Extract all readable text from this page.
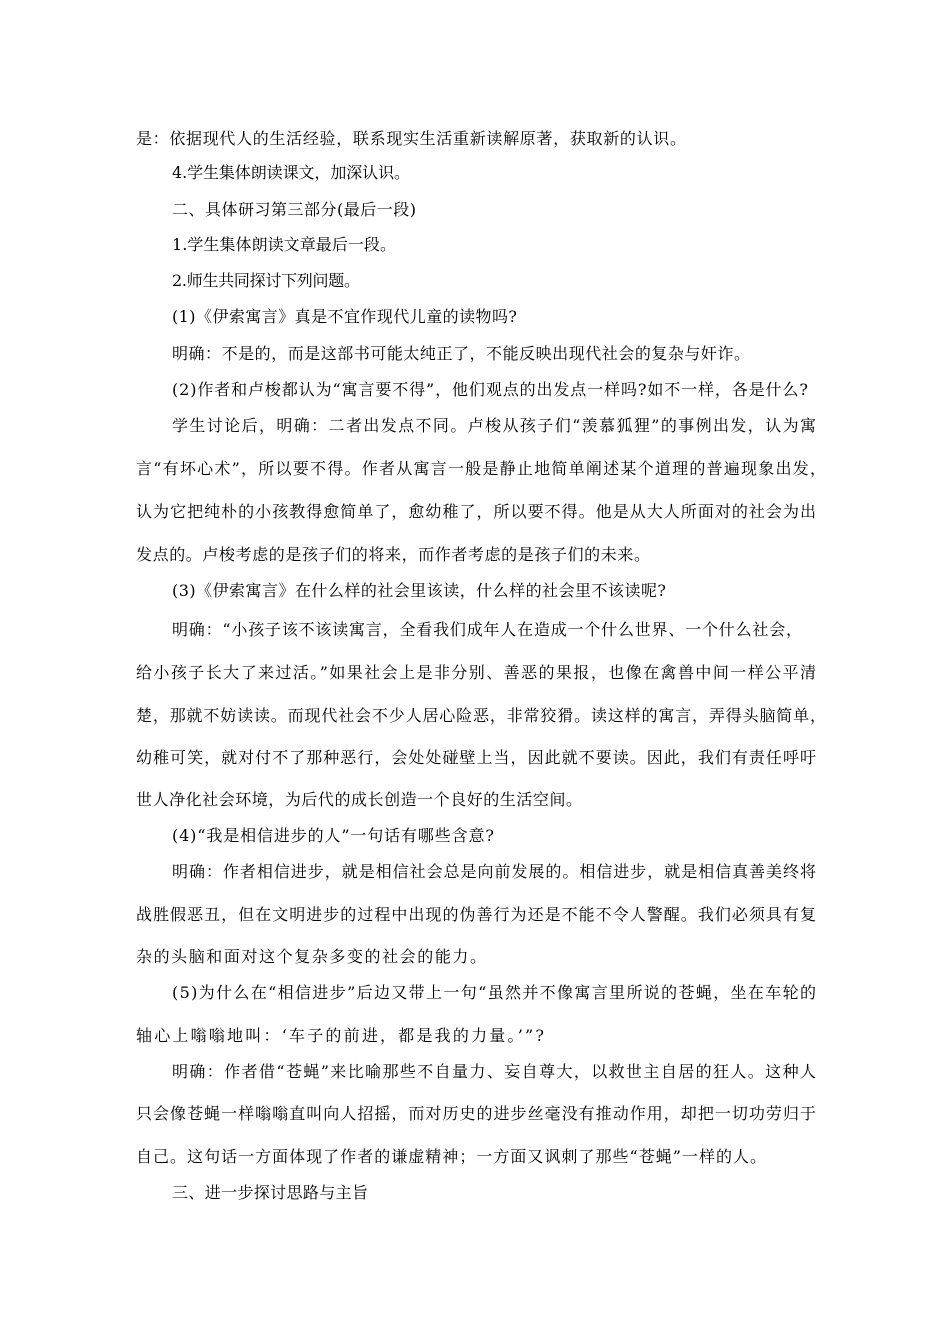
是：依据现代人的生活经验，联系现实生活重新读解原著，获取新的认识。
4.学生集体朗读课文，加深认识。
二、具体研习第三部分(最后一段)
1.学生集体朗读文章最后一段。
2.师生共同探讨下列问题。
(1)《伊索寓言》真是不宜作现代儿童的读物吗?
明确：不是的，而是这部书可能太纯正了，不能反映出现代社会的复杂与奸诈。
(2)作者和卢梭都认为“寓言要不得”，他们观点的出发点一样吗?如不一样，各是什么?
学生讨论后，明确：二者出发点不同。卢梭从孩子们“羡慕狐狸”的事例出发，认为寓
言“有坏心术”，所以要不得。作者从寓言一般是静止地简单阐述某个道理的普遍现象出发，
认为它把纯朴的小孩教得愈简单了，愈幼稚了，所以要不得。他是从大人所面对的社会为出
发点的。卢梭考虑的是孩子们的将来，而作者考虑的是孩子们的未来。
(3)《伊索寓言》在什么样的社会里该读，什么样的社会里不该读呢?
明确：“小孩子该不该读寓言，全看我们成年人在造成一个什么世界、一个什么社会，
给小孩子长大了来过活。”如果社会上是非分别、善恶的果报，也像在禽兽中间一样公平清
楚，那就不妨读读。而现代社会不少人居心险恶，非常狡猾。读这样的寓言，弄得头脑简单，
幼稚可笑，就对付不了那种恶行，会处处碰壁上当，因此就不要读。因此，我们有责任呼吁
世人净化社会环境，为后代的成长创造一个良好的生活空间。
(4)“我是相信进步的人”一句话有哪些含意?
明确：作者相信进步，就是相信社会总是向前发展的。相信进步，就是相信真善美终将
战胜假恶丑，但在文明进步的过程中出现的伪善行为还是不能不令人警醒。我们必须具有复
杂的头脑和面对这个复杂多变的社会的能力。
(5)为什么在“相信进步”后边又带上一句“虽然并不像寓言里所说的苍蝇，坐在车轮的
轴心上嗡嗡地叫：‘车子的前进，都是我的力量。’”?
明确：作者借“苍蝇”来比喻那些不自量力、妄自尊大，以救世主自居的狂人。这种人
只会像苍蝇一样嗡嗡直叫向人招摇，而对历史的进步丝毫没有推动作用，却把一切功劳归于
自己。这句话一方面体现了作者的谦虚精神；一方面又讽刺了那些“苍蝇”一样的人。
三、进一步探讨思路与主旨
